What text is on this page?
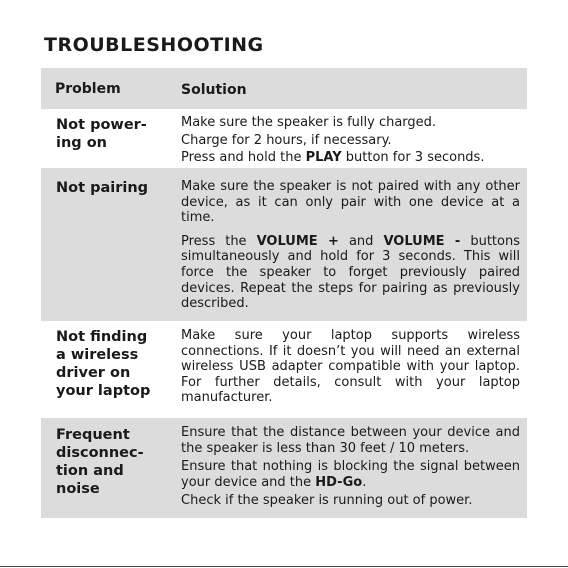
TROUBLESHOOTING
Problem	Solution
Not power-
ing on

Make sure the speaker is fully charged.

Charge for 2 hours, if necessary.

Press and hold the PLAY button for 3 seconds.

Not pairing	Make sure the speaker is not paired with any other device, as it can only pair with one device at a time.

Press the VOLUME + and VOLUME - buttons simultaneously and hold for 3 seconds. This will force the speaker to forget previously paired devices. Repeat the steps for pairing as previously described.

Not finding
a wireless
driver on
your laptop

Make sure your laptop supports wireless connections. If it doesn’t you will need an external wireless USB adapter compatible with your laptop. For further details, consult with your laptop manufacturer.

Frequent
disconnec-
tion and
noise

Ensure that the distance between your device and the speaker is less than 30 feet / 10 meters.

Ensure that nothing is blocking the signal between your device and the HD-Go.

Check if the speaker is running out of power.
